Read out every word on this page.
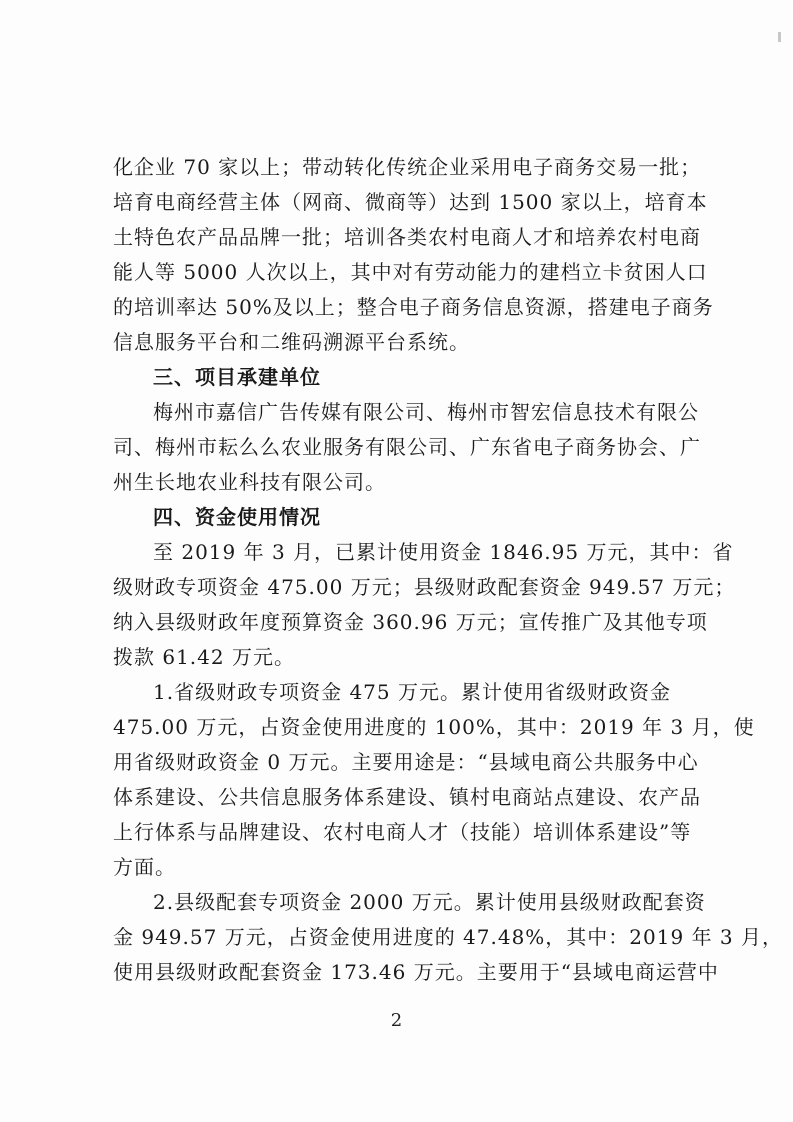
化企业 70 家以上；带动转化传统企业采用电子商务交易一批；
培育电商经营主体（网商、微商等）达到 1500 家以上，培育本
土特色农产品品牌一批；培训各类农村电商人才和培养农村电商
能人等 5000 人次以上，其中对有劳动能力的建档立卡贫困人口
的培训率达 50%及以上；整合电子商务信息资源，搭建电子商务
信息服务平台和二维码溯源平台系统。

三、项目承建单位

梅州市嘉信广告传媒有限公司、梅州市智宏信息技术有限公
司、梅州市耘么么农业服务有限公司、广东省电子商务协会、广
州生长地农业科技有限公司。

四、资金使用情况

至 2019 年 3 月，已累计使用资金 1846.95 万元，其中：省
级财政专项资金 475.00 万元；县级财政配套资金 949.57 万元；
纳入县级财政年度预算资金 360.96 万元；宣传推广及其他专项
拨款 61.42 万元。

1.省级财政专项资金 475 万元。累计使用省级财政资金
475.00 万元，占资金使用进度的 100%，其中：2019 年 3 月，使
用省级财政资金 0 万元。主要用途是：“县域电商公共服务中心
体系建设、公共信息服务体系建设、镇村电商站点建设、农产品
上行体系与品牌建设、农村电商人才（技能）培训体系建设”等
方面。

2.县级配套专项资金 2000 万元。累计使用县级财政配套资
金 949.57 万元，占资金使用进度的 47.48%，其中：2019 年 3 月，
使用县级财政配套资金 173.46 万元。主要用于“县域电商运营中

2
